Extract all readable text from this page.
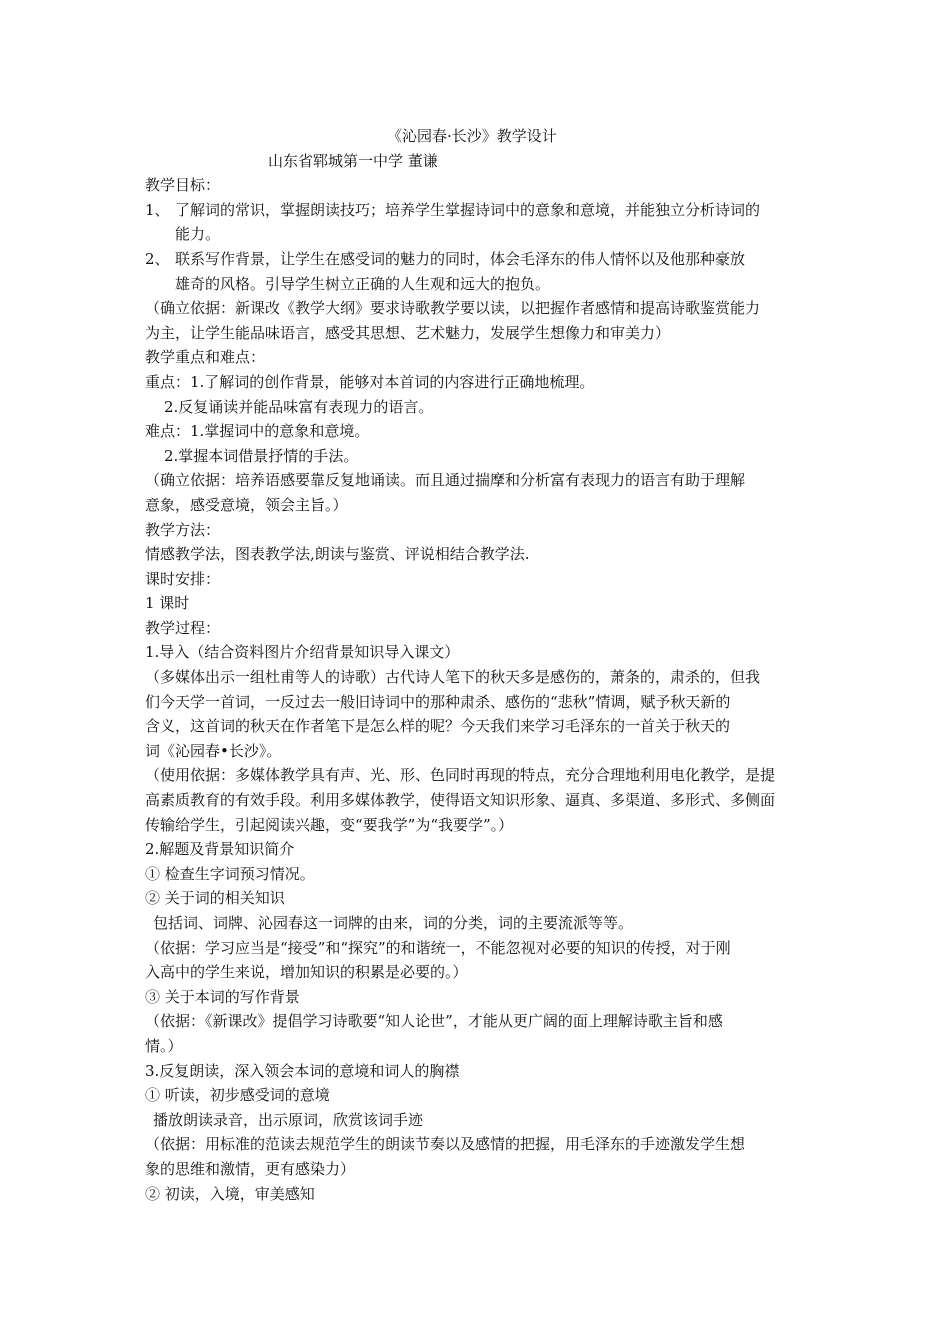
《沁园春·长沙》教学设计
山东省郓城第一中学 董谦
教学目标：
1、 了解词的常识，掌握朗读技巧；培养学生掌握诗词中的意象和意境，并能独立分析诗词的
能力。
2、 联系写作背景，让学生在感受词的魅力的同时，体会毛泽东的伟人情怀以及他那种豪放
雄奇的风格。引导学生树立正确的人生观和远大的抱负。
（确立依据：新课改《教学大纲》要求诗歌教学要以读，以把握作者感情和提高诗歌鉴赏能力
为主，让学生能品味语言，感受其思想、艺术魅力，发展学生想像力和审美力）
教学重点和难点：
重点：1.了解词的创作背景，能够对本首词的内容进行正确地梳理。
2.反复诵读并能品味富有表现力的语言。
难点：1.掌握词中的意象和意境。
2.掌握本词借景抒情的手法。
（确立依据：培养语感要靠反复地诵读。而且通过揣摩和分析富有表现力的语言有助于理解
意象，感受意境，领会主旨。）
教学方法：
情感教学法，图表教学法,朗读与鉴赏、评说相结合教学法.
课时安排：
1 课时
教学过程：
1.导入（结合资料图片介绍背景知识导入课文）
（多媒体出示一组杜甫等人的诗歌）古代诗人笔下的秋天多是感伤的，萧条的，肃杀的，但我
们今天学一首词，一反过去一般旧诗词中的那种肃杀、感伤的“悲秋”情调，赋予秋天新的
含义，这首词的秋天在作者笔下是怎么样的呢？今天我们来学习毛泽东的一首关于秋天的
词《沁园春•长沙》。
（使用依据：多媒体教学具有声、光、形、色同时再现的特点，充分合理地利用电化教学，是提
高素质教育的有效手段。利用多媒体教学，使得语文知识形象、逼真、多渠道、多形式、多侧面
传输给学生，引起阅读兴趣，变“要我学”为“我要学”。）
2.解题及背景知识简介
① 检查生字词预习情况。
② 关于词的相关知识
包括词、词牌、沁园春这一词牌的由来，词的分类，词的主要流派等等。
（依据：学习应当是“接受”和“探究”的和谐统一，不能忽视对必要的知识的传授，对于刚
入高中的学生来说，增加知识的积累是必要的。）
③ 关于本词的写作背景
（依据：《新课改》提倡学习诗歌要“知人论世”，才能从更广阔的面上理解诗歌主旨和感
情。）
3.反复朗读，深入领会本词的意境和词人的胸襟
① 听读，初步感受词的意境
播放朗读录音，出示原词，欣赏该词手迹
（依据：用标准的范读去规范学生的朗读节奏以及感情的把握，用毛泽东的手迹激发学生想
象的思维和激情，更有感染力）
② 初读，入境，审美感知
